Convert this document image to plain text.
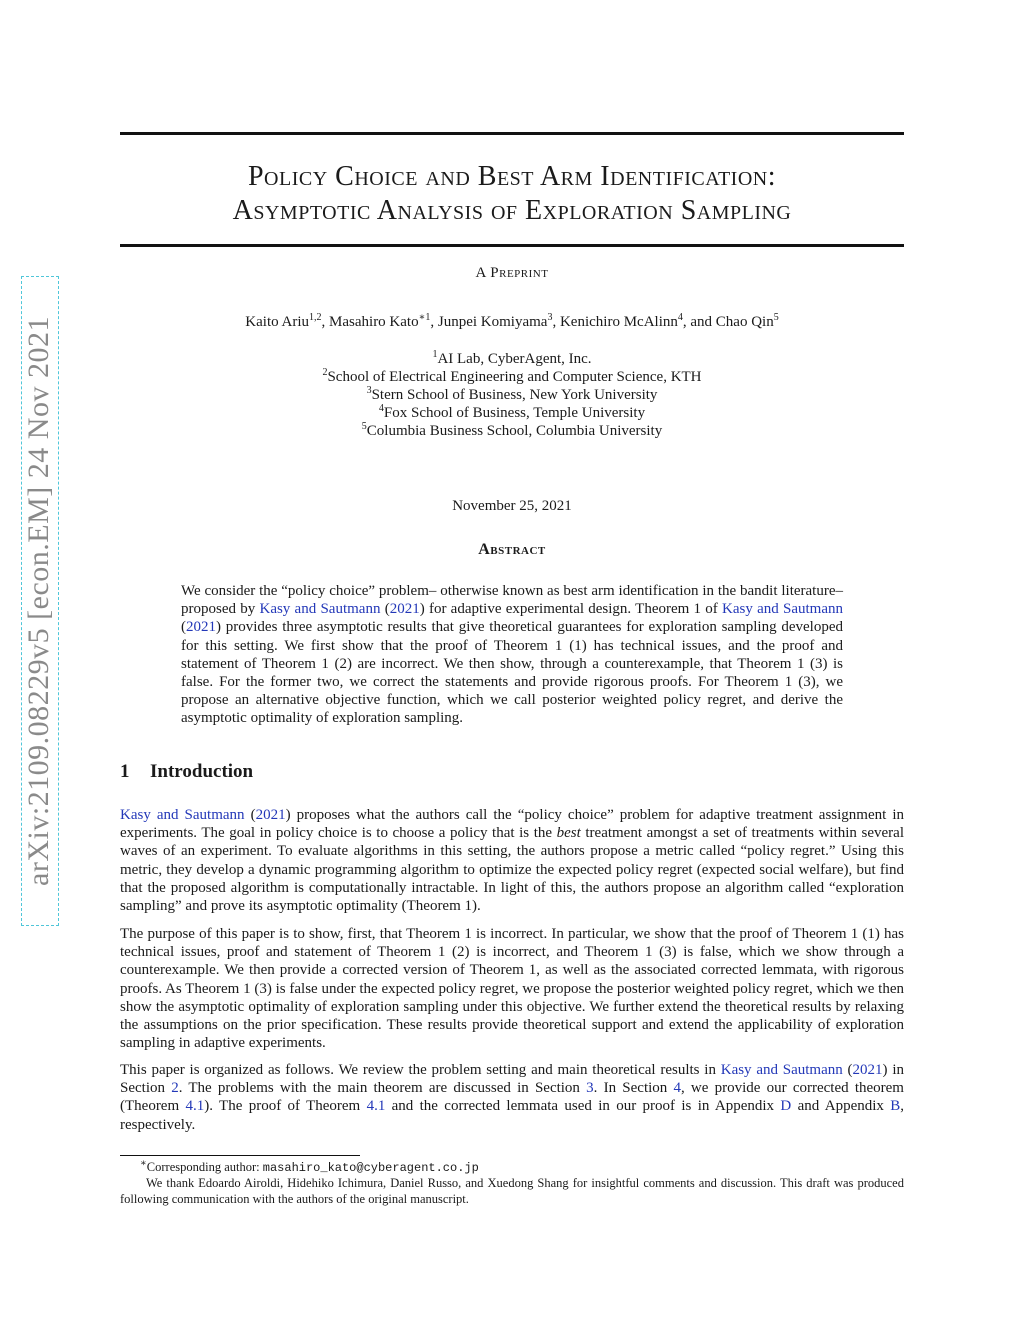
arXiv:2109.08229v5 [econ.EM] 24 Nov 2021
Policy Choice and Best Arm Identification:
Asymptotic Analysis of Exploration Sampling
A Preprint
Kaito Ariu$^{1,2}$, Masahiro Kato$^{∗1}$, Junpei Komiyama$^3$, Kenichiro McAlinn$^4$, and Chao Qin$^5$
$^1$AI Lab, CyberAgent, Inc.
$^2$School of Electrical Engineering and Computer Science, KTH
$^3$Stern School of Business, New York University
$^4$Fox School of Business, Temple University
$^5$Columbia Business School, Columbia University
November 25, 2021
Abstract

We consider the “policy choice” problem– otherwise known as best arm identification in the bandit literature– proposed by Kasy and Sautmann (2021) for adaptive experimental design. Theorem 1 of Kasy and Sautmann (2021) provides three asymptotic results that give theoretical guarantees for exploration sampling developed for this setting. We first show that the proof of Theorem 1 (1) has technical issues, and the proof and statement of Theorem 1 (2) are incorrect. We then show, through a counterexample, that Theorem 1 (3) is false. For the former two, we correct the statements and provide rigorous proofs. For Theorem 1 (3), we propose an alternative objective function, which we call posterior weighted policy regret, and derive the asymptotic optimality of exploration sampling.

1 Introduction

Kasy and Sautmann (2021) proposes what the authors call the “policy choice” problem for adaptive treatment assignment in experiments. The goal in policy choice is to choose a policy that is the best treatment amongst a set of treatments within several waves of an experiment. To evaluate algorithms in this setting, the authors propose a metric called “policy regret.” Using this metric, they develop a dynamic programming algorithm to optimize the expected policy regret (expected social welfare), but find that the proposed algorithm is computationally intractable. In light of this, the authors propose an algorithm called “exploration sampling” and prove its asymptotic optimality (Theorem 1).

The purpose of this paper is to show, first, that Theorem 1 is incorrect. In particular, we show that the proof of Theorem 1 (1) has technical issues, proof and statement of Theorem 1 (2) is incorrect, and Theorem 1 (3) is false, which we show through a counterexample. We then provide a corrected version of Theorem 1, as well as the associated corrected lemmata, with rigorous proofs. As Theorem 1 (3) is false under the expected policy regret, we propose the posterior weighted policy regret, which we then show the asymptotic optimality of exploration sampling under this objective. We further extend the theoretical results by relaxing the assumptions on the prior specification. These results provide theoretical support and extend the applicability of exploration sampling in adaptive experiments.

This paper is organized as follows. We review the problem setting and main theoretical results in Kasy and Sautmann (2021) in Section 2. The problems with the main theorem are discussed in Section 3. In Section 4, we provide our corrected theorem (Theorem 4.1). The proof of Theorem 4.1 and the corrected lemmata used in our proof is in Appendix D and Appendix B, respectively.

∗Corresponding author: masahiro_kato@cyberagent.co.jp
We thank Edoardo Airoldi, Hidehiko Ichimura, Daniel Russo, and Xuedong Shang for insightful comments and discussion. This draft was produced following communication with the authors of the original manuscript.
